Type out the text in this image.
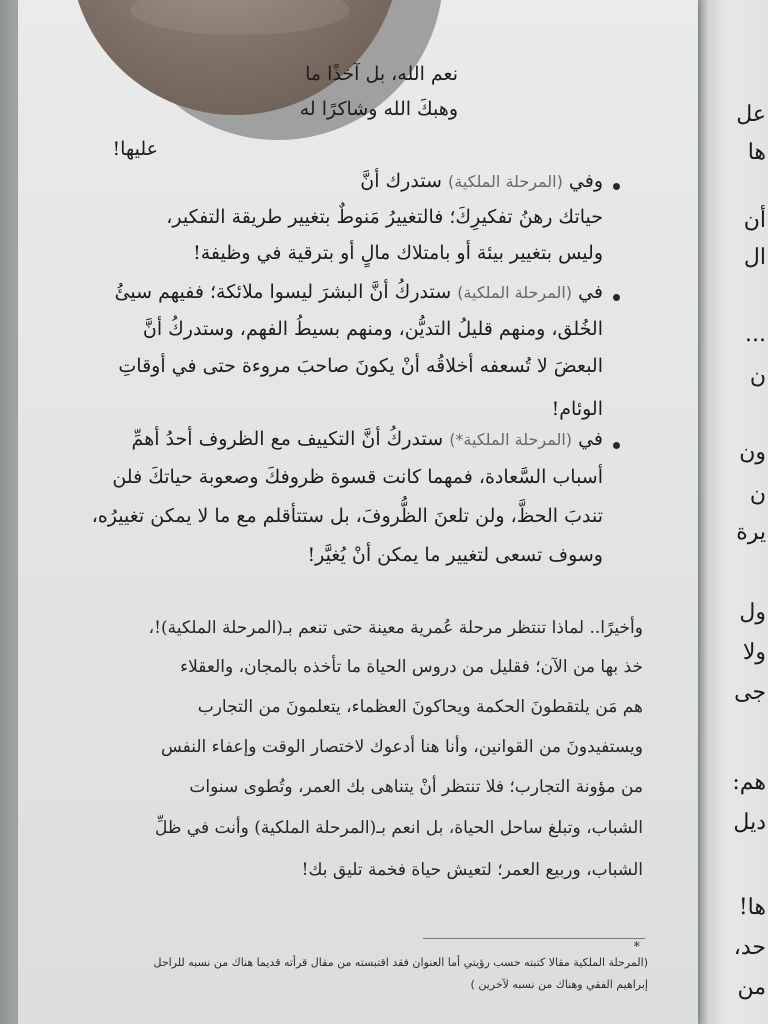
نعم الله، بل آخذًا ما
وهبكَ الله وشاكرًا له
عليها!
وفي (المرحلة الملكية) ستدرك أنَّ
حياتك رهنُ تفكيرِكَ؛ فالتغييرُ مَنوطٌ بتغيير طريقة التفكير،
وليس بتغيير بيئة أو بامتلاك مالٍ أو بترقية في وظيفة!
في (المرحلة الملكية) ستدركُ أنَّ البشرَ ليسوا ملائكة؛ ففيهم سيئُ
الخُلق، ومنهم قليلُ التديُّن، ومنهم بسيطُ الفهم، وستدركُ أنَّ
البعضَ لا تُسعفه أخلاقُه أنْ يكونَ صاحبَ مروءة حتى في أوقاتِ
الوئام!
في (المرحلة الملكية*) ستدركُ أنَّ التكييف مع الظروف أحدُ أهمِّ
أسباب السَّعادة، فمهما كانت قسوة ظروفكَ وصعوبة حياتكَ فلن
تندبَ الحظَّ، ولن تلعنَ الظُّروفَ، بل ستتأقلم مع ما لا يمكن تغييرُه،
وسوف تسعى لتغيير ما يمكن أنْ يُغيَّر!
وأخيرًا.. لماذا تنتظر مرحلة عُمرية معينة حتى تنعم بـ(المرحلة الملكية)!،
خذ بها من الآن؛ فقليل من دروس الحياة ما تأخذه بالمجان، والعقلاء
هم مَن يلتقطونَ الحكمة ويحاكونَ العظماء، يتعلمونَ من التجارب
ويستفيدونَ من القوانين، وأنا هنا أدعوك لاختصار الوقت وإعفاء النفس
من مؤونة التجارب؛ فلا تنتظر أنْ يتناهى بك العمر، وتُطوى سنوات
الشباب، وتبلغ ساحل الحياة، بل انعم بـ(المرحلة الملكية) وأنت في ظلِّ
الشباب، وربيع العمر؛ لتعيش حياة فخمة تليق بك!
*
(المرحلة الملكية مقالا كتبته حسب رؤيتي أما العنوان فقد اقتبسته من مقال قرأته قديما هناك من نسبه للراحل
إبراهيم الفقي وهناك من نسبه لآخرين )
عل
ها
أن
ال
...
ن
ون
ن
يرة
ول
ولا
جى
هم:
ديل
ها!
حد،
من
